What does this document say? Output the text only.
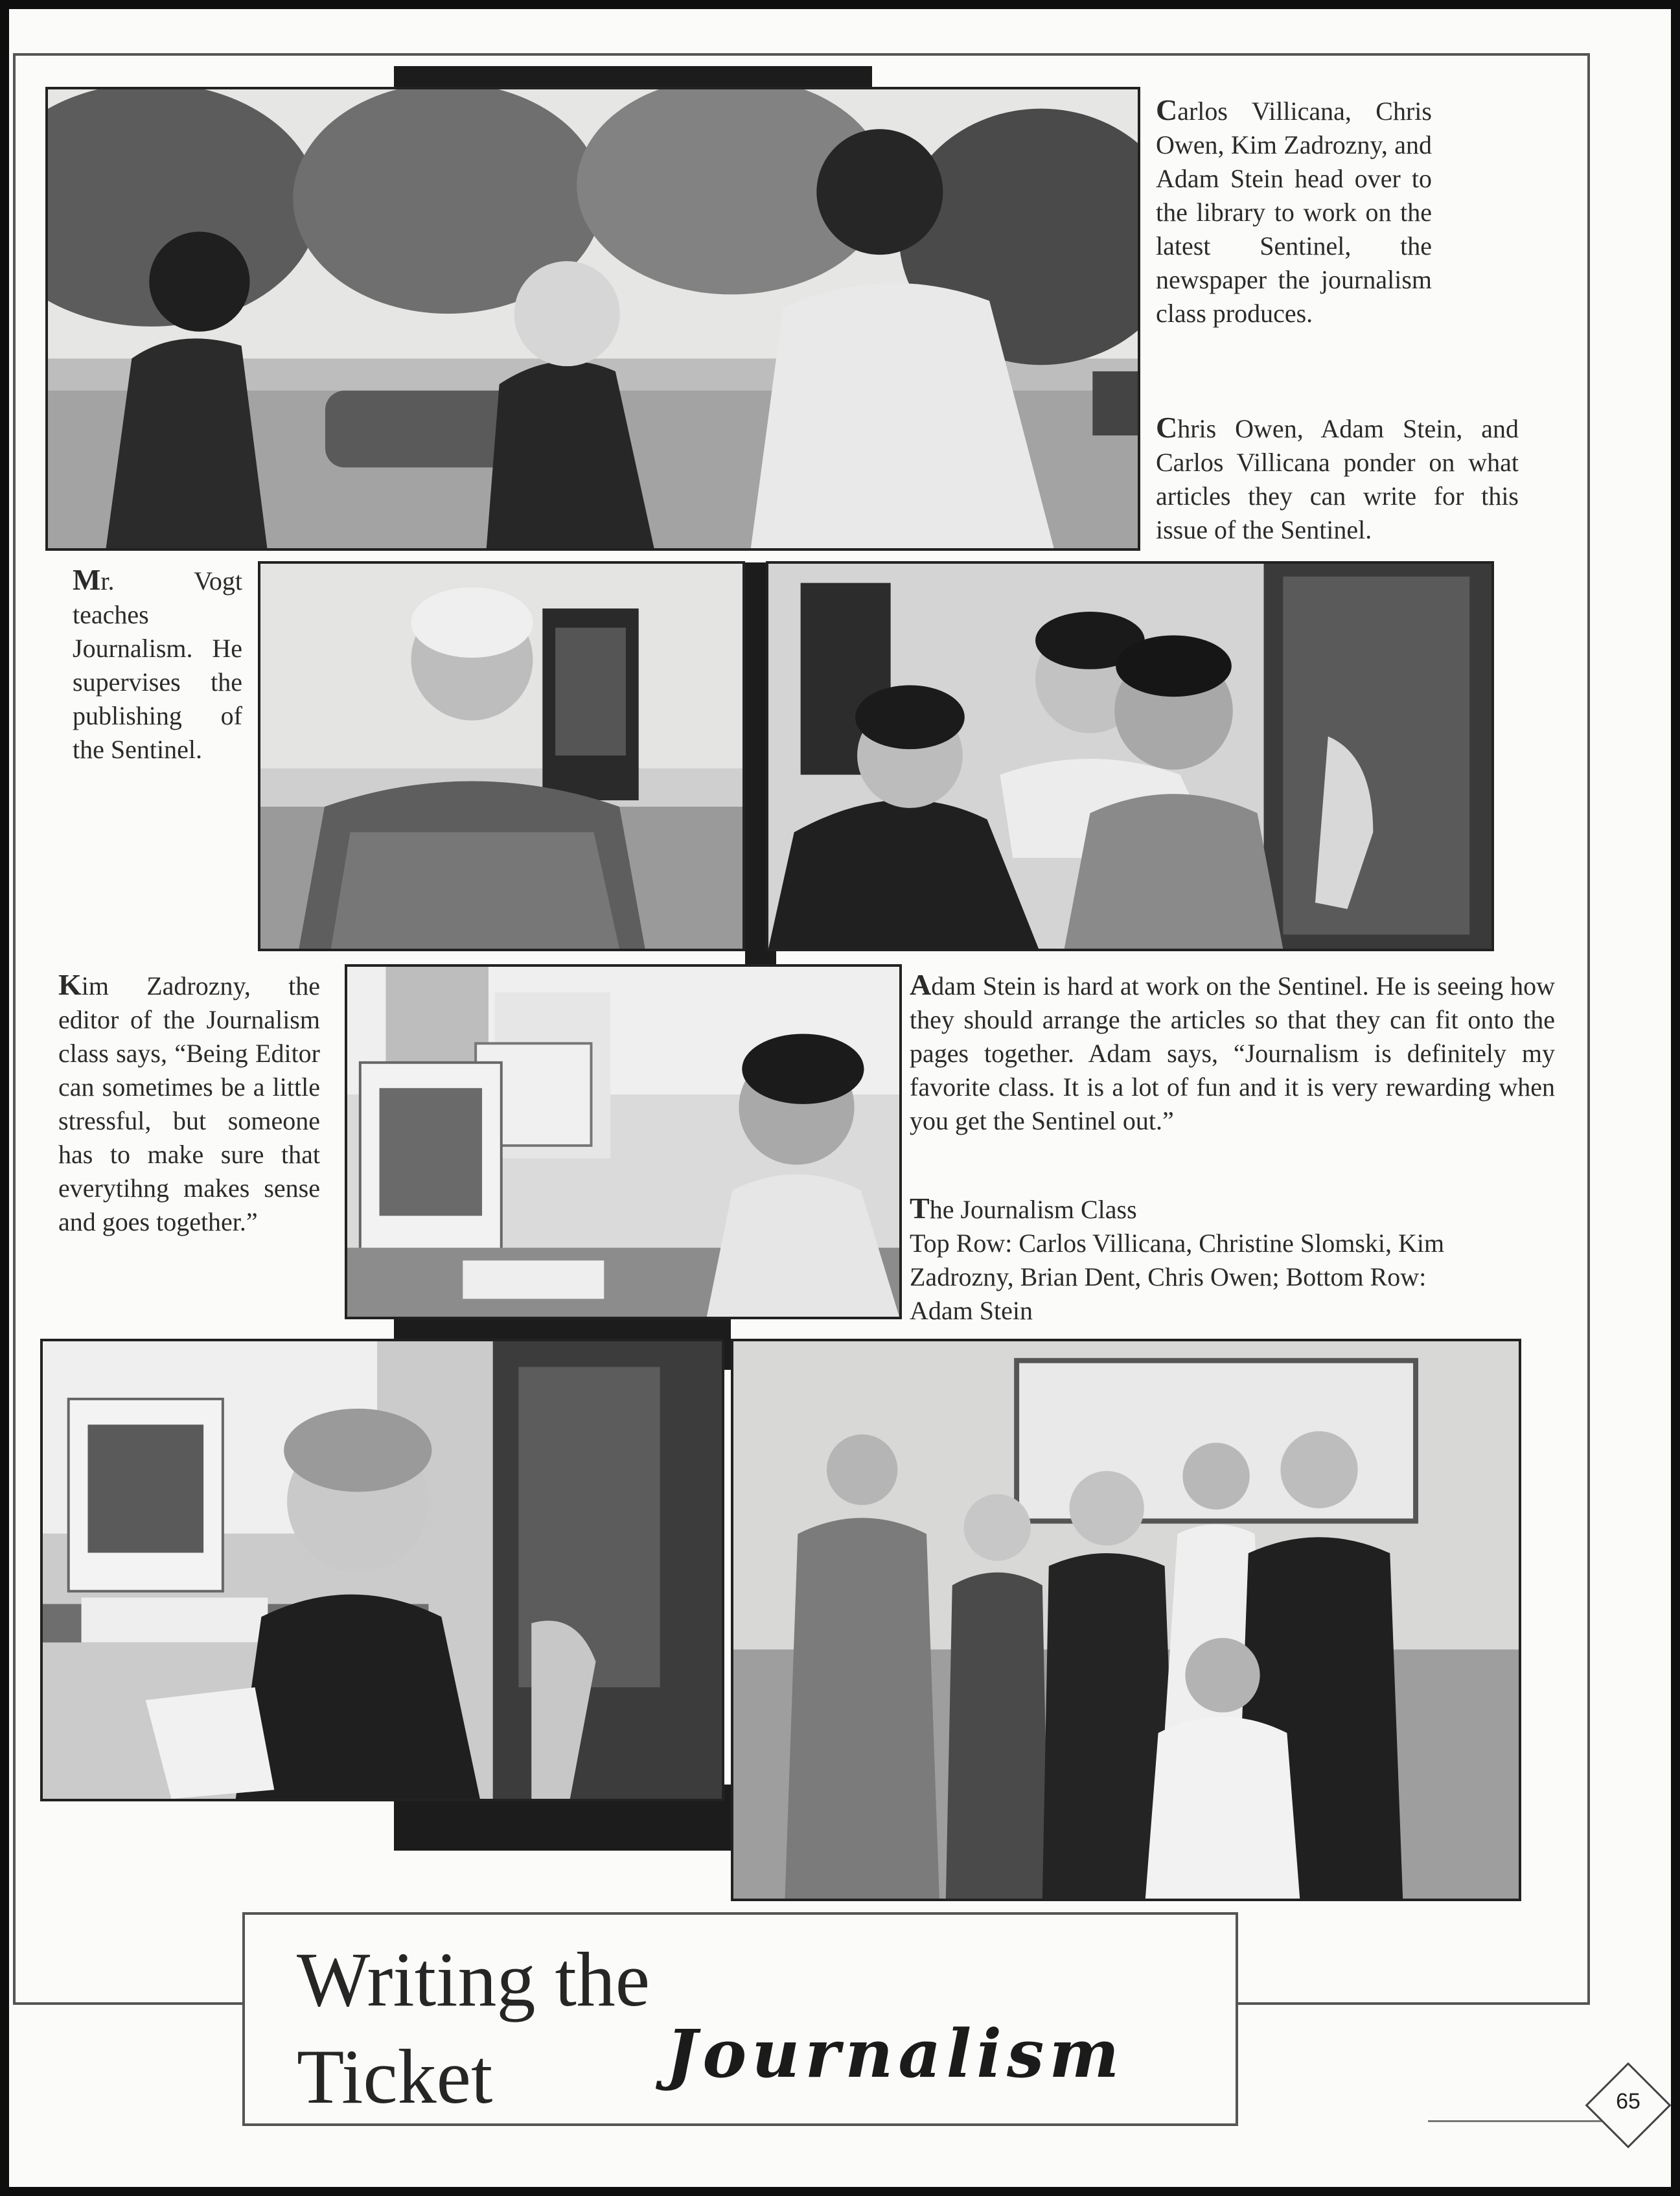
Carlos Villicana, Chris Owen, Kim Zadrozny, and Adam Stein head over to the library to work on the latest Sentinel, the newspaper the journalism class produces.

Chris Owen, Adam Stein, and Carlos Villicana ponder on what articles they can write for this issue of the Sentinel.

Mr. Vogt teaches Journalism. He supervises the publishing of the Sentinel.

Kim Zadrozny, the editor of the Journalism class says, “Being Editor can sometimes be a little stressful, but someone has to make sure that everytihng makes sense and goes together.”

Adam Stein is hard at work on the Sentinel. He is seeing how they should arrange the articles so that they can fit onto the pages together. Adam says, “Journalism is definitely my favorite class. It is a lot of fun and it is very rewarding when you get the Sentinel out.”

The Journalism Class
Top Row: Carlos Villicana, Christine Slomski, Kim Zadrozny, Brian Dent, Chris Owen; Bottom Row: Adam Stein
Writing the
Ticket	Journalism
65
